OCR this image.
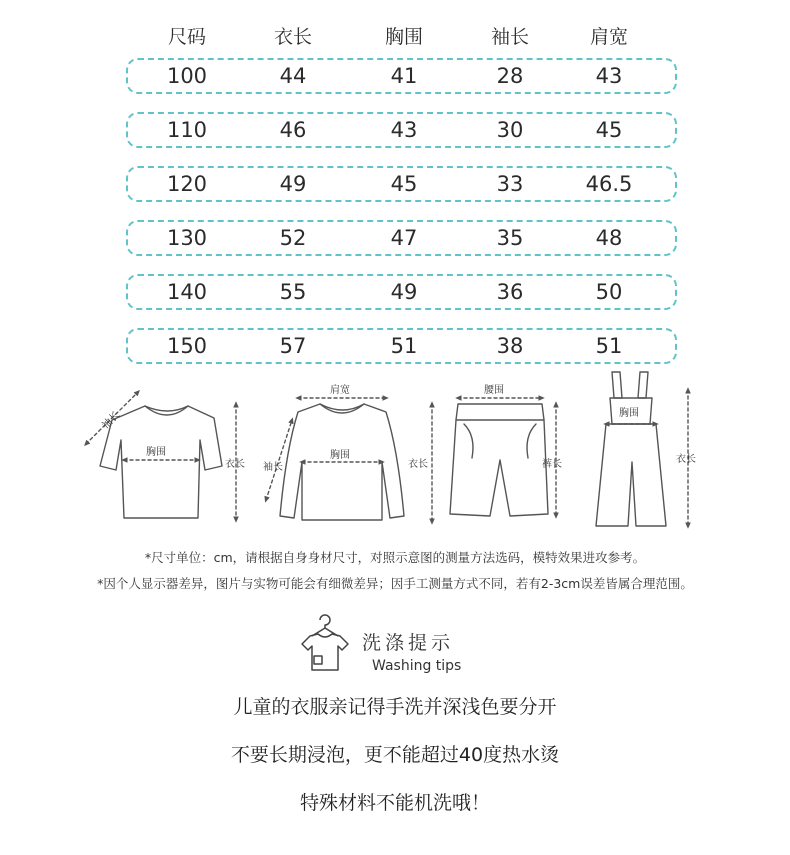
尺码	衣长	胸围	袖长	肩宽
100	44	41	28	43
110	46	43	30	45
120	49	45	33	46.5
130	52	47	35	48
140	55	49	36	50
150	57	51	38	51
胸围
衣长
袖长
肩宽
胸围
衣长
袖长
腰围
裤长
胸围
衣长
*尺寸单位：cm，请根据自身身材尺寸，对照示意图的测量方法选码，模特效果进攻参考。
*因个人显示器差异，图片与实物可能会有细微差异；因手工测量方式不同，若有2-3cm误差皆属合理范围。
洗涤提示
Washing tips
儿童的衣服亲记得手洗并深浅色要分开
不要长期浸泡，更不能超过40度热水烫
特殊材料不能机洗哦！
